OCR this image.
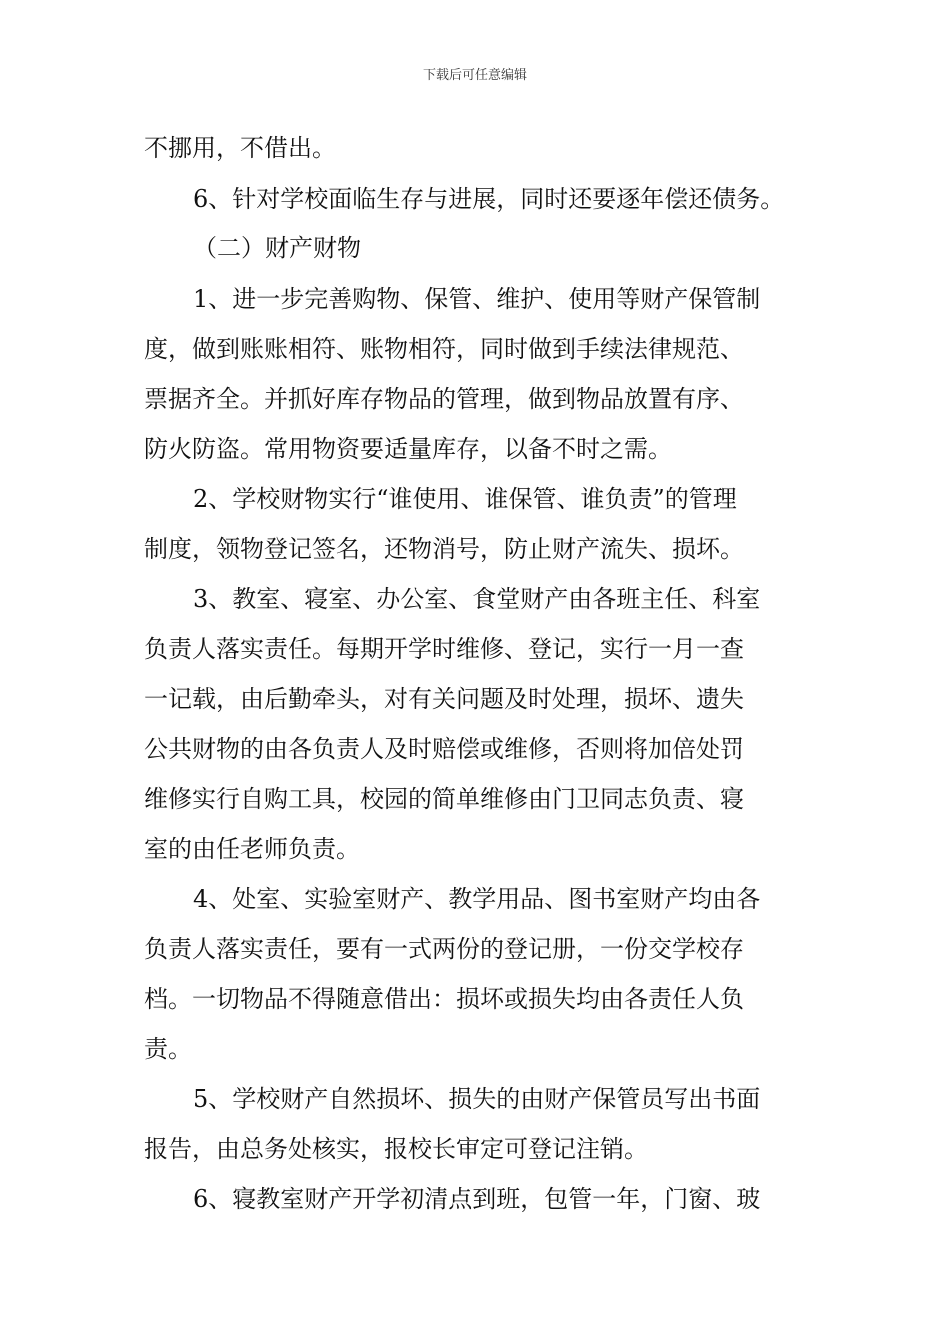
下载后可任意编辑
不挪用，不借出。
6、针对学校面临生存与进展，同时还要逐年偿还债务。
（二）财产财物
1、进一步完善购物、保管、维护、使用等财产保管制
度，做到账账相符、账物相符，同时做到手续法律规范、
票据齐全。并抓好库存物品的管理，做到物品放置有序、
防火防盗。常用物资要适量库存，以备不时之需。
2、学校财物实行“谁使用、谁保管、谁负责”的管理
制度，领物登记签名，还物消号，防止财产流失、损坏。
3、教室、寝室、办公室、食堂财产由各班主任、科室
负责人落实责任。每期开学时维修、登记，实行一月一查
一记载，由后勤牵头，对有关问题及时处理，损坏、遗失
公共财物的由各负责人及时赔偿或维修，否则将加倍处罚
维修实行自购工具，校园的简单维修由门卫同志负责、寝
室的由任老师负责。
4、处室、实验室财产、教学用品、图书室财产均由各
负责人落实责任，要有一式两份的登记册，一份交学校存
档。一切物品不得随意借出：损坏或损失均由各责任人负
责。
5、学校财产自然损坏、损失的由财产保管员写出书面
报告，由总务处核实，报校长审定可登记注销。
6、寝教室财产开学初清点到班，包管一年，门窗、玻
